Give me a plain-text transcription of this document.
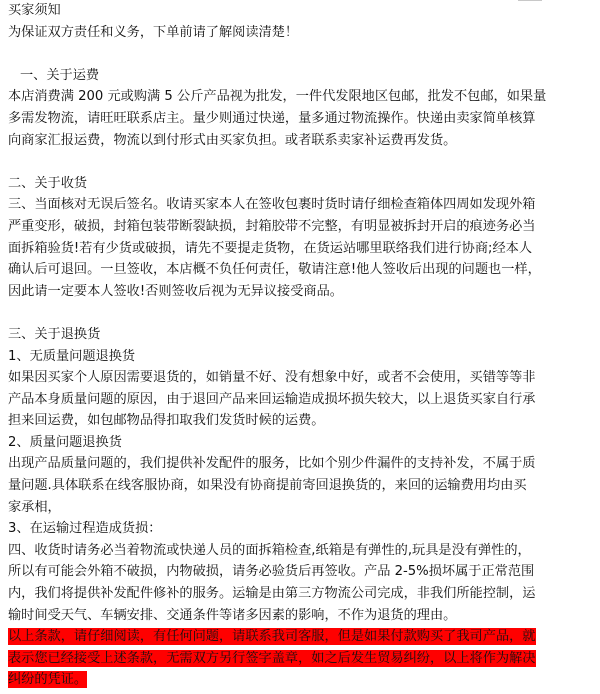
买家须知
为保证双方责任和义务，下单前请了解阅读清楚！
一、关于运费
本店消费满 200 元或购满 5 公斤产品视为批发，一件代发限地区包邮，批发不包邮，如果量
多需发物流，请旺旺联系店主。量少则通过快递，量多通过物流操作。快递由卖家简单核算
向商家汇报运费，物流以到付形式由买家负担。或者联系卖家补运费再发货。
二、关于收货
三、当面核对无误后签名。收请买家本人在签收包裹时货时请仔细检查箱体四周如发现外箱
严重变形，破损，封箱包装带断裂缺损，封箱胶带不完整，有明显被拆封开启的痕迹务必当
面拆箱验货!若有少货或破损，请先不要提走货物，在货运站哪里联络我们进行协商;经本人
确认后可退回。一旦签收，本店概不负任何责任，敬请注意!他人签收后出现的问题也一样，
因此请一定要本人签收!否则签收后视为无异议接受商品。
三、关于退换货
1、无质量问题退换货
如果因买家个人原因需要退货的，如销量不好、没有想象中好，或者不会使用，买错等等非
产品本身质量问题的原因，由于退回产品来回运输造成损坏损失较大，以上退货买家自行承
担来回运费，如包邮物品得扣取我们发货时候的运费。
2、质量问题退换货
出现产品质量问题的，我们提供补发配件的服务，比如个别少件漏件的支持补发，不属于质
量问题.具体联系在线客服协商，如果没有协商提前寄回退换货的，来回的运输费用均由买
家承相，
3、在运输过程造成货损：
四、收货时请务必当着物流或快递人员的面拆箱检查,纸箱是有弹性的,玩具是没有弹性的，
所以有可能会外箱不破损，内物破损，请务必验货后再签收。产品 2-5%损坏属于正常范围
内，我们将提供补发配件修补的服务。运输是由第三方物流公司完成，非我们所能控制，运
输时间受天气、车辆安排、交通条件等诸多因素的影响，不作为退货的理由。
以上条款，请仔细阅读，有任何问题，请联系我司客服，但是如果付款购买了我司产品，就
表示您已经接受上述条款，无需双方另行签字盖章，如之后发生贸易纠纷，以上将作为解决
纠纷的凭证。
